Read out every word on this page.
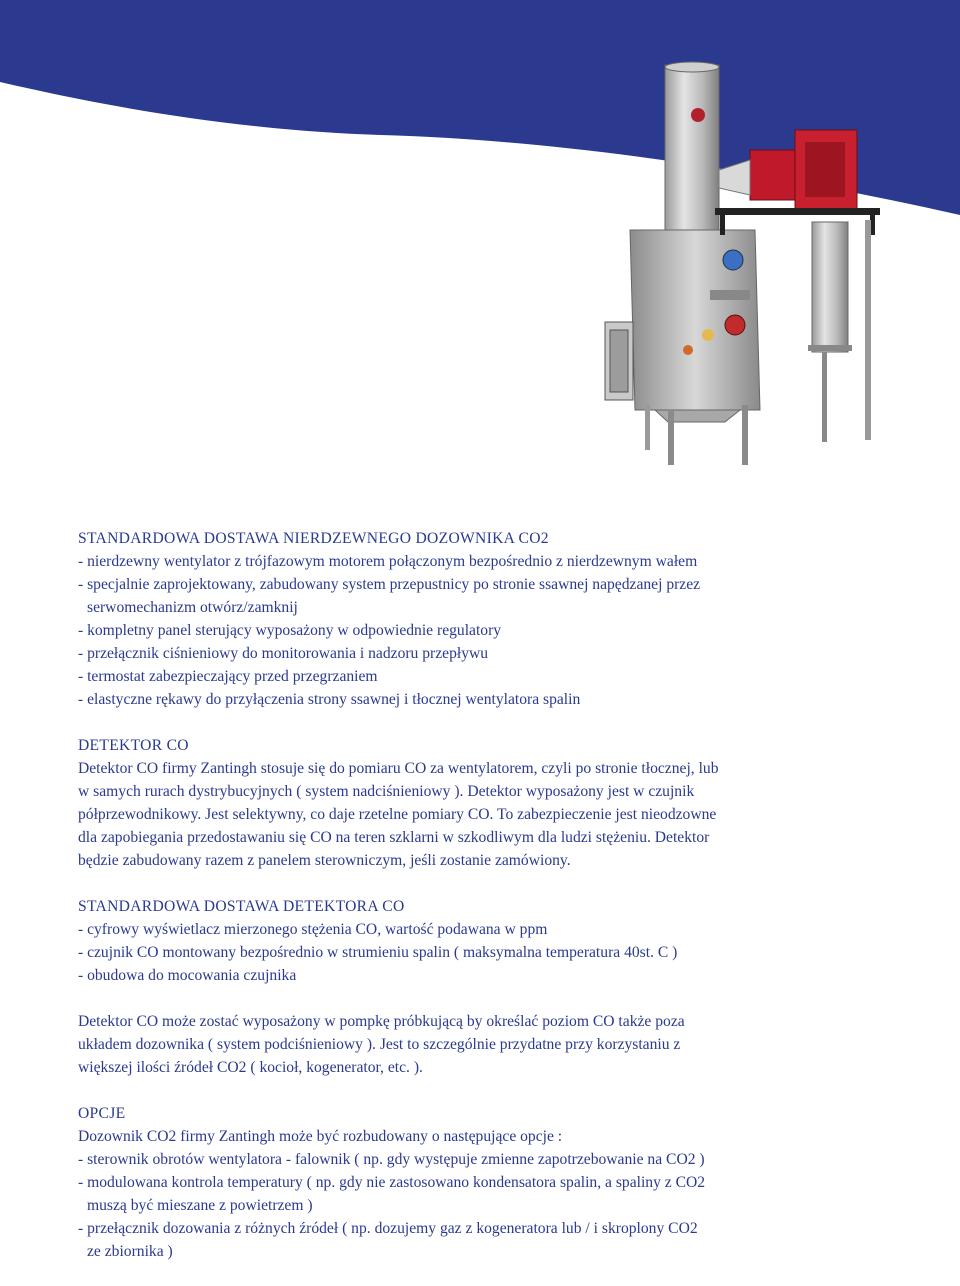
STANDARDOWA DOSTAWA NIERDZEWNEGO DOZOWNIKA CO2
- nierdzewny wentylator z trójfazowym motorem połączonym bezpośrednio z nierdzewnym wałem
- specjalnie zaprojektowany, zabudowany system przepustnicy po stronie ssawnej napędzanej przez
serwomechanizm otwórz/zamknij
- kompletny panel sterujący wyposażony w odpowiednie regulatory
- przełącznik ciśnieniowy do monitorowania i nadzoru przepływu
- termostat zabezpieczający przed przegrzaniem
- elastyczne rękawy do przyłączenia strony ssawnej i tłocznej wentylatora spalin
DETEKTOR CO
Detektor CO firmy Zantingh stosuje się do pomiaru CO za wentylatorem, czyli po stronie tłocznej, lub
w samych rurach dystrybucyjnych ( system nadciśnieniowy ). Detektor wyposażony jest w czujnik
półprzewodnikowy. Jest selektywny, co daje rzetelne pomiary CO. To zabezpieczenie jest nieodzowne
dla zapobiegania przedostawaniu się CO na teren szklarni w szkodliwym dla ludzi stężeniu. Detektor
będzie zabudowany razem z panelem sterowniczym, jeśli zostanie zamówiony.
STANDARDOWA DOSTAWA DETEKTORA CO
- cyfrowy wyświetlacz mierzonego stężenia CO, wartość podawana w ppm
- czujnik CO montowany bezpośrednio w strumieniu spalin ( maksymalna temperatura 40st. C )
- obudowa do mocowania czujnika
Detektor CO może zostać wyposażony w pompkę próbkującą by określać poziom CO także poza
układem dozownika ( system podciśnieniowy ). Jest to szczególnie przydatne przy korzystaniu z
większej ilości źródeł CO2 ( kocioł, kogenerator, etc. ).
OPCJE
Dozownik CO2 firmy Zantingh może być rozbudowany o następujące opcje :
- sterownik obrotów wentylatora - falownik ( np. gdy występuje zmienne zapotrzebowanie na CO2 )
- modulowana kontrola temperatury ( np. gdy nie zastosowano kondensatora spalin, a spaliny z CO2
muszą być mieszane z powietrzem )
- przełącznik dozowania z różnych źródeł ( np. dozujemy gaz z kogeneratora lub / i skroplony CO2
ze zbiornika )
